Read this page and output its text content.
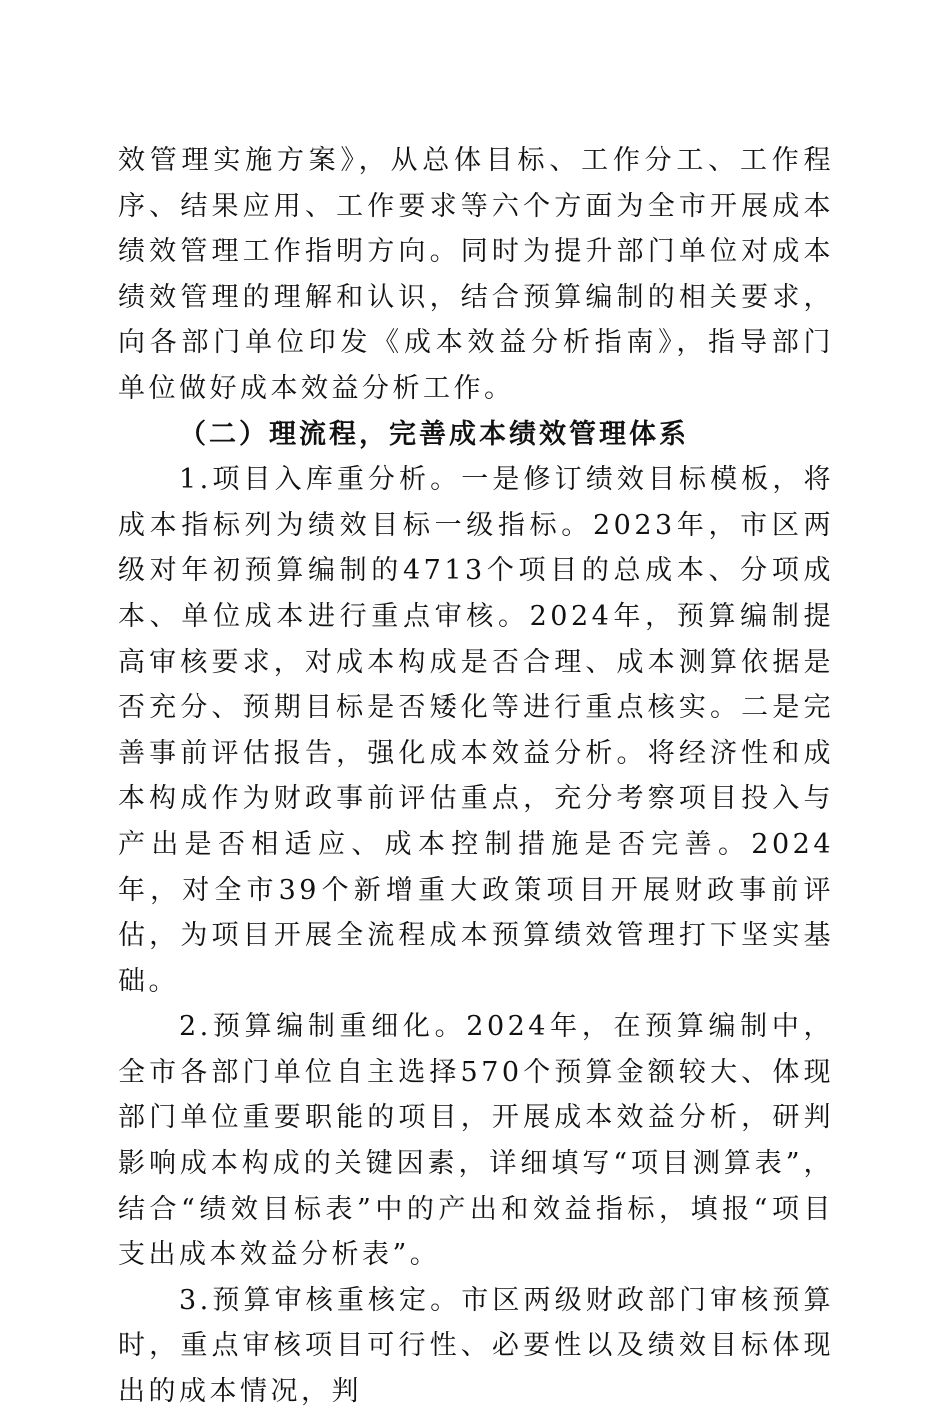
效管理实施方案》，从总体目标、工作分工、工作程序、结果应用、工作要求等六个方面为全市开展成本绩效管理工作指明方向。同时为提升部门单位对成本绩效管理的理解和认识，结合预算编制的相关要求，向各部门单位印发《成本效益分析指南》，指导部门单位做好成本效益分析工作。

（二）理流程，完善成本绩效管理体系

1.项目入库重分析。一是修订绩效目标模板，将成本指标列为绩效目标一级指标。2023年，市区两级对年初预算编制的4713个项目的总成本、分项成本、单位成本进行重点审核。2024年，预算编制提高审核要求，对成本构成是否合理、成本测算依据是否充分、预期目标是否矮化等进行重点核实。二是完善事前评估报告，强化成本效益分析。将经济性和成本构成作为财政事前评估重点，充分考察项目投入与产出是否相适应、成本控制措施是否完善。2024年，对全市39个新增重大政策项目开展财政事前评估，为项目开展全流程成本预算绩效管理打下坚实基础。

2.预算编制重细化。2024年，在预算编制中，全市各部门单位自主选择570个预算金额较大、体现部门单位重要职能的项目，开展成本效益分析，研判影响成本构成的关键因素，详细填写“项目测算表”，结合“绩效目标表”中的产出和效益指标，填报“项目支出成本效益分析表”。

3.预算审核重核定。市区两级财政部门审核预算时，重点审核项目可行性、必要性以及绩效目标体现出的成本情况，判
